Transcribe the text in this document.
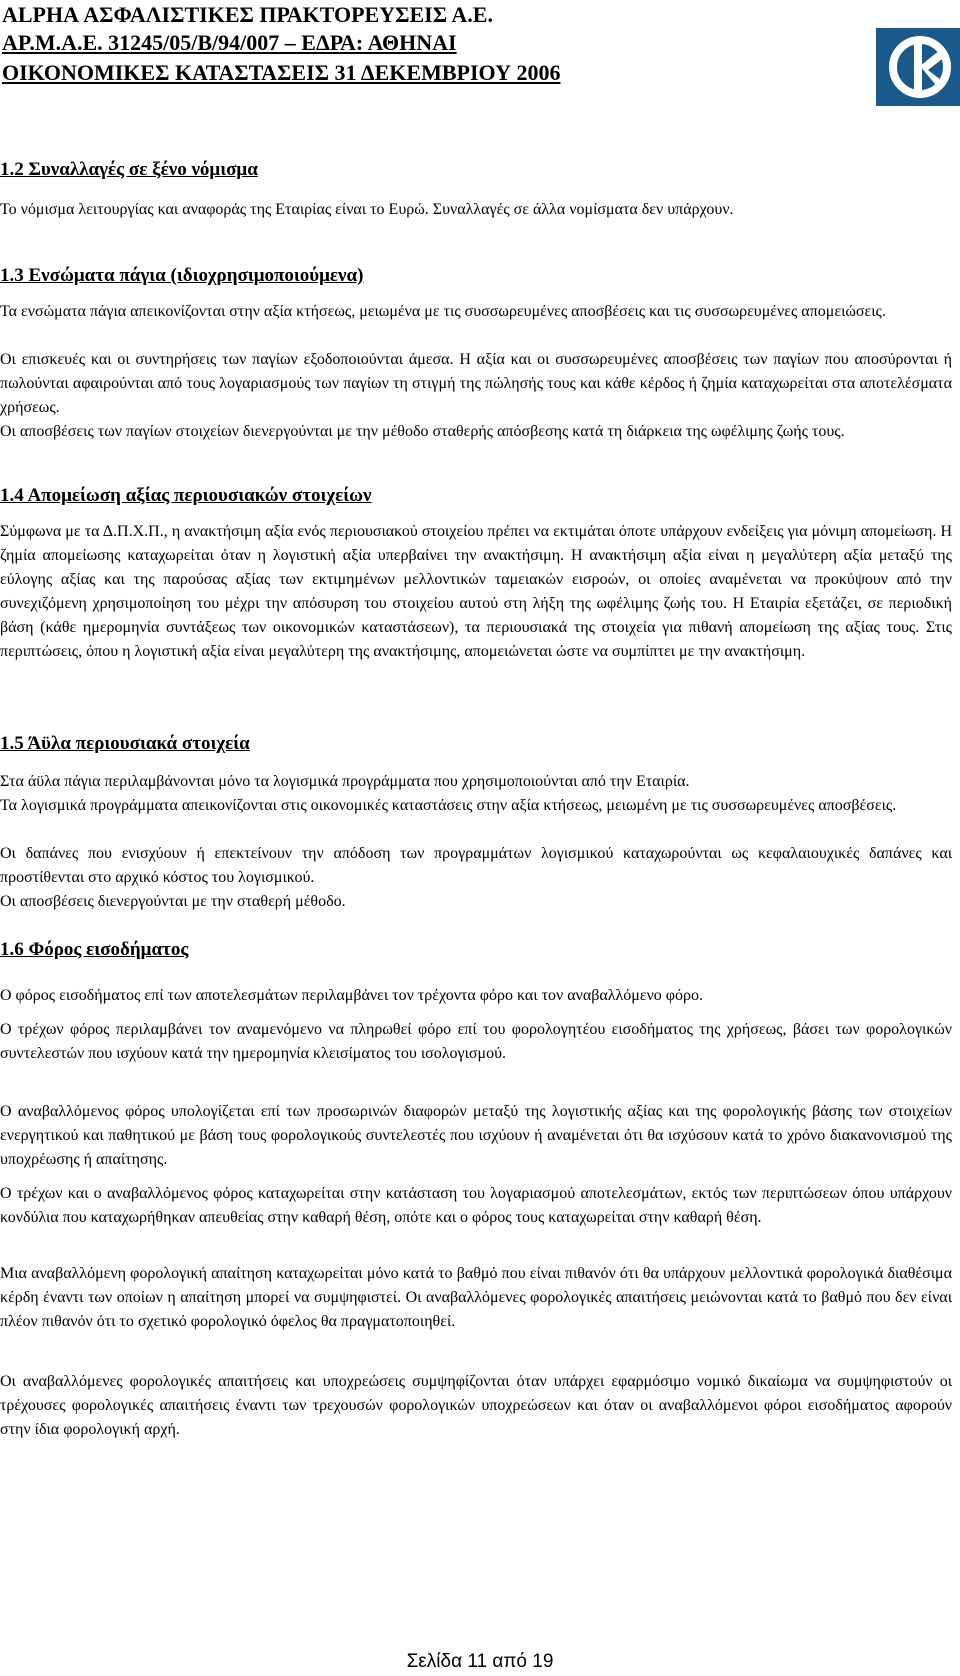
ALPHA ΑΣΦΑΛΙΣΤΙΚΕΣ ΠΡΑΚΤΟΡΕΥΣΕΙΣ Α.Ε.
ΑΡ.Μ.Α.Ε. 31245/05/Β/94/007 – ΕΔΡΑ: ΑΘΗΝΑΙ
ΟΙΚΟΝΟΜΙΚΕΣ ΚΑΤΑΣΤΑΣΕΙΣ 31 ΔΕΚΕΜΒΡΙΟΥ 2006
1.2 Συναλλαγές σε ξένο νόμισμα

Το νόμισμα λειτουργίας και αναφοράς της Εταιρίας είναι το Ευρώ. Συναλλαγές σε άλλα νομίσματα δεν υπάρχουν.

1.3 Ενσώματα πάγια (ιδιοχρησιμοποιούμενα)

Τα ενσώματα πάγια απεικονίζονται στην αξία κτήσεως, μειωμένα με τις συσσωρευμένες αποσβέσεις και τις συσσωρευμένες απομειώσεις.

Οι επισκευές και οι συντηρήσεις των παγίων εξοδοποιούνται άμεσα. Η αξία και οι συσσωρευμένες αποσβέσεις των παγίων που αποσύρονται ή πωλούνται αφαιρούνται από τους λογαριασμούς των παγίων τη στιγμή της πώλησής τους και κάθε κέρδος ή ζημία καταχωρείται στα αποτελέσματα χρήσεως.

Οι αποσβέσεις των παγίων στοιχείων διενεργούνται με την μέθοδο σταθερής απόσβεσης κατά τη διάρκεια της ωφέλιμης ζωής τους.

1.4 Απομείωση αξίας περιουσιακών στοιχείων

Σύμφωνα με τα Δ.Π.Χ.Π., η ανακτήσιμη αξία ενός περιουσιακού στοιχείου πρέπει να εκτιμάται όποτε υπάρχουν ενδείξεις για μόνιμη απομείωση. Η ζημία απομείωσης καταχωρείται όταν η λογιστική αξία υπερβαίνει την ανακτήσιμη. Η ανακτήσιμη αξία είναι η μεγαλύτερη αξία μεταξύ της εύλογης αξίας και της παρούσας αξίας των εκτιμημένων μελλοντικών ταμειακών εισροών, οι οποίες αναμένεται να προκύψουν από την συνεχιζόμενη χρησιμοποίηση του μέχρι την απόσυρση του στοιχείου αυτού στη λήξη της ωφέλιμης ζωής του. Η Εταιρία εξετάζει, σε περιοδική βάση (κάθε ημερομηνία συντάξεως των οικονομικών καταστάσεων), τα περιουσιακά της στοιχεία για πιθανή απομείωση της αξίας τους. Στις περιπτώσεις, όπου η λογιστική αξία είναι μεγαλύτερη της ανακτήσιμης, απομειώνεται ώστε να συμπίπτει με την ανακτήσιμη.

1.5 Άϋλα περιουσιακά στοιχεία

Στα άϋλα πάγια περιλαμβάνονται μόνο τα λογισμικά προγράμματα που χρησιμοποιούνται από την Εταιρία.

Τα λογισμικά προγράμματα απεικονίζονται στις οικονομικές καταστάσεις στην αξία κτήσεως, μειωμένη με τις συσσωρευμένες αποσβέσεις.

Οι δαπάνες που ενισχύουν ή επεκτείνουν την απόδοση των προγραμμάτων λογισμικού καταχωρούνται ως κεφαλαιουχικές δαπάνες και προστίθενται στο αρχικό κόστος του λογισμικού.

Οι αποσβέσεις διενεργούνται με την σταθερή μέθοδο.

1.6 Φόρος εισοδήματος

Ο φόρος εισοδήματος επί των αποτελεσμάτων περιλαμβάνει τον τρέχοντα φόρο και τον αναβαλλόμενο φόρο.

Ο τρέχων φόρος περιλαμβάνει τον αναμενόμενο να πληρωθεί φόρο επί του φορολογητέου εισοδήματος της χρήσεως, βάσει των φορολογικών συντελεστών που ισχύουν κατά την ημερομηνία κλεισίματος του ισολογισμού.

Ο αναβαλλόμενος φόρος υπολογίζεται επί των προσωρινών διαφορών μεταξύ της λογιστικής αξίας και της φορολογικής βάσης των στοιχείων ενεργητικού και παθητικού με βάση τους φορολογικούς συντελεστές που ισχύουν ή αναμένεται ότι θα ισχύσουν κατά το χρόνο διακανονισμού της υποχρέωσης ή απαίτησης.

Ο τρέχων και ο αναβαλλόμενος φόρος καταχωρείται στην κατάσταση του λογαριασμού αποτελεσμάτων, εκτός των περιπτώσεων όπου υπάρχουν κονδύλια που καταχωρήθηκαν απευθείας στην καθαρή θέση, οπότε και ο φόρος τους καταχωρείται στην καθαρή θέση.

Μια αναβαλλόμενη φορολογική απαίτηση καταχωρείται μόνο κατά το βαθμό που είναι πιθανόν ότι θα υπάρχουν μελλοντικά φορολογικά διαθέσιμα κέρδη έναντι των οποίων η απαίτηση μπορεί να συμψηφιστεί. Οι αναβαλλόμενες φορολογικές απαιτήσεις μειώνονται κατά το βαθμό που δεν είναι πλέον πιθανόν ότι το σχετικό φορολογικό όφελος θα πραγματοποιηθεί.

Οι αναβαλλόμενες φορολογικές απαιτήσεις και υποχρεώσεις συμψηφίζονται όταν υπάρχει εφαρμόσιμο νομικό δικαίωμα να συμψηφιστούν οι τρέχουσες φορολογικές απαιτήσεις έναντι των τρεχουσών φορολογικών υποχρεώσεων και όταν οι αναβαλλόμενοι φόροι εισοδήματος αφορούν στην ίδια φορολογική αρχή.

Σελίδα 11 από 19
